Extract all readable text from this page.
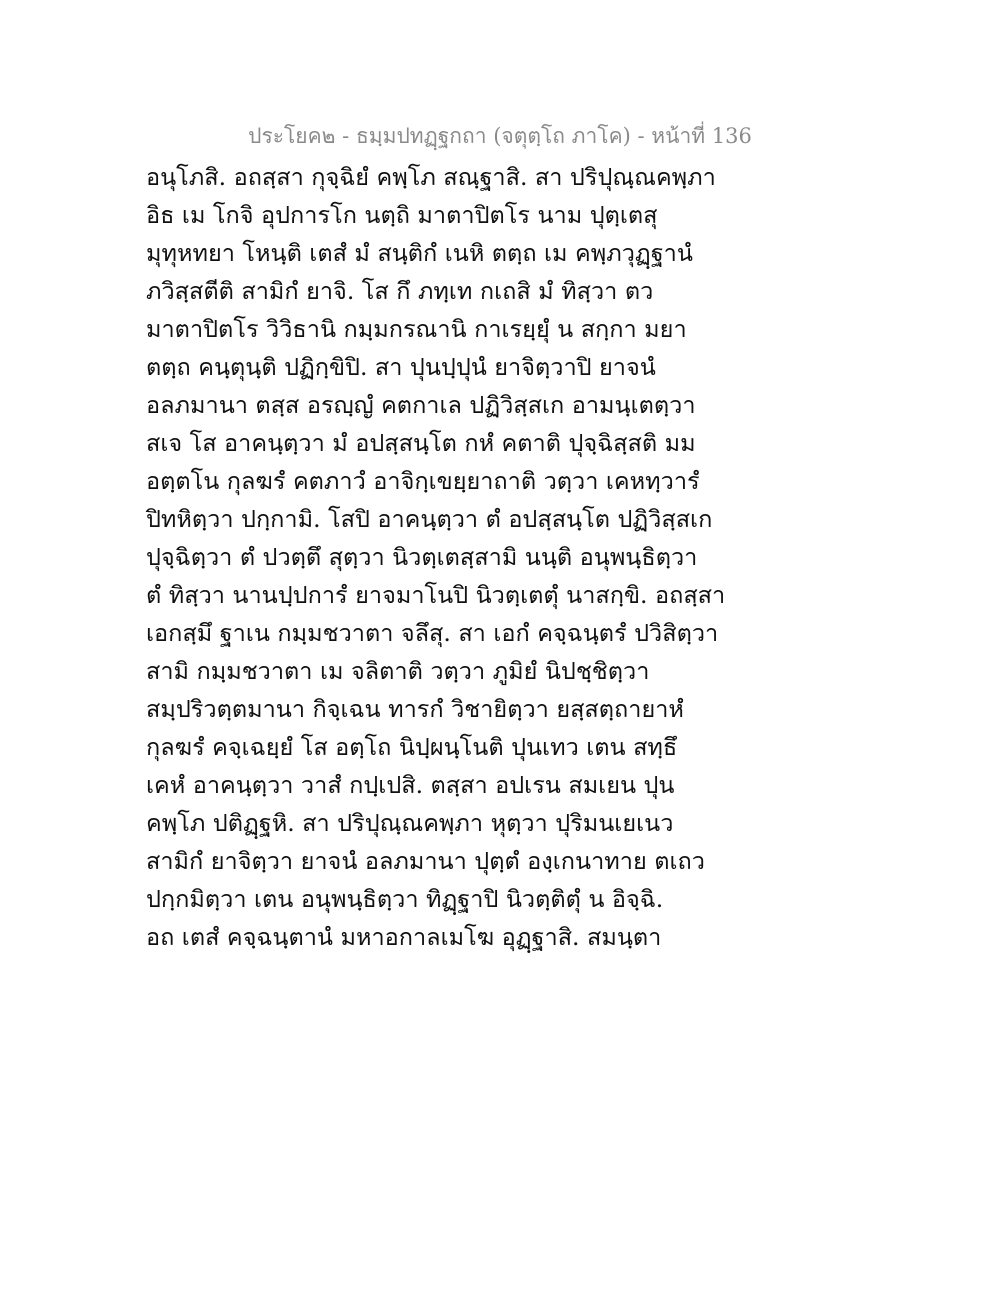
ประโยค๒ - ธมฺมปทฏฺฐกถา (จตุตฺโถ ภาโค) - หน้าที่ 136
อนุโภสิ. อถสฺสา กุจฺฉิยํ คพฺโภ สณฺฐาสิ. สา ปริปุณฺณคพฺภา
อิธ เม โกจิ อุปการโก นตฺถิ มาตาปิตโร นาม ปุตฺเตสุ
มุทุหทยา โหนฺติ เตสํ มํ สนฺติกํ เนหิ ตตฺถ เม คพฺภวุฏฺฐานํ
ภวิสฺสตีติ สามิกํ ยาจิ. โส กึ ภทฺเท กเถสิ มํ ทิสฺวา ตว
มาตาปิตโร วิวิธานิ กมฺมกรณานิ กาเรยฺยุํ น สกฺกา มยา
ตตฺถ คนฺตุนฺติ ปฏิกฺขิปิ. สา ปุนปฺปุนํ ยาจิตฺวาปิ ยาจนํ
อลภมานา ตสฺส อรญฺญํ คตกาเล ปฏิวิสฺสเก อามนฺเตตฺวา
สเจ โส อาคนฺตฺวา มํ อปสฺสนฺโต กหํ คตาติ ปุจฺฉิสฺสติ มม
อตฺตโน กุลฆรํ คตภาวํ อาจิกฺเขยฺยาถาติ วตฺวา เคหทฺวารํ
ปิทหิตฺวา ปกฺกามิ. โสปิ อาคนฺตฺวา ตํ อปสฺสนฺโต ปฏิวิสฺสเก
ปุจฺฉิตฺวา ตํ ปวตฺตึ สุตฺวา นิวตฺเตสฺสามิ นนฺติ อนุพนฺธิตฺวา
ตํ ทิสฺวา นานปฺปการํ ยาจมาโนปิ นิวตฺเตตุํ นาสกฺขิ. อถสฺสา
เอกสฺมึ ฐาเน กมฺมชวาตา จลึสุ. สา เอกํ คจฺฉนฺตรํ ปวิสิตฺวา
สามิ กมฺมชวาตา เม จลิตาติ วตฺวา ภูมิยํ นิปชฺชิตฺวา
สมฺปริวตฺตมานา กิจฺเฉน ทารกํ วิชายิตฺวา ยสฺสตฺถายาหํ
กุลฆรํ คจฺเฉยฺยํ โส อตฺโถ นิปฺผนฺโนติ ปุนเทว เตน สทฺธึ
เคหํ อาคนฺตฺวา วาสํ กปฺเปสิ. ตสฺสา อปเรน สมเยน ปุน
คพฺโภ ปติฏฺฐหิ. สา ปริปุณฺณคพฺภา หุตฺวา ปุริมนเยเนว
สามิกํ ยาจิตฺวา ยาจนํ อลภมานา ปุตฺตํ องฺเกนาทาย ตเถว
ปกฺกมิตฺวา เตน อนุพนฺธิตฺวา ทิฏฺฐาปิ นิวตฺติตุํ น อิจฺฉิ.
อถ เตสํ คจฺฉนฺตานํ มหาอกาลเมโฆ อุฏฺฐาสิ. สมนฺตา
